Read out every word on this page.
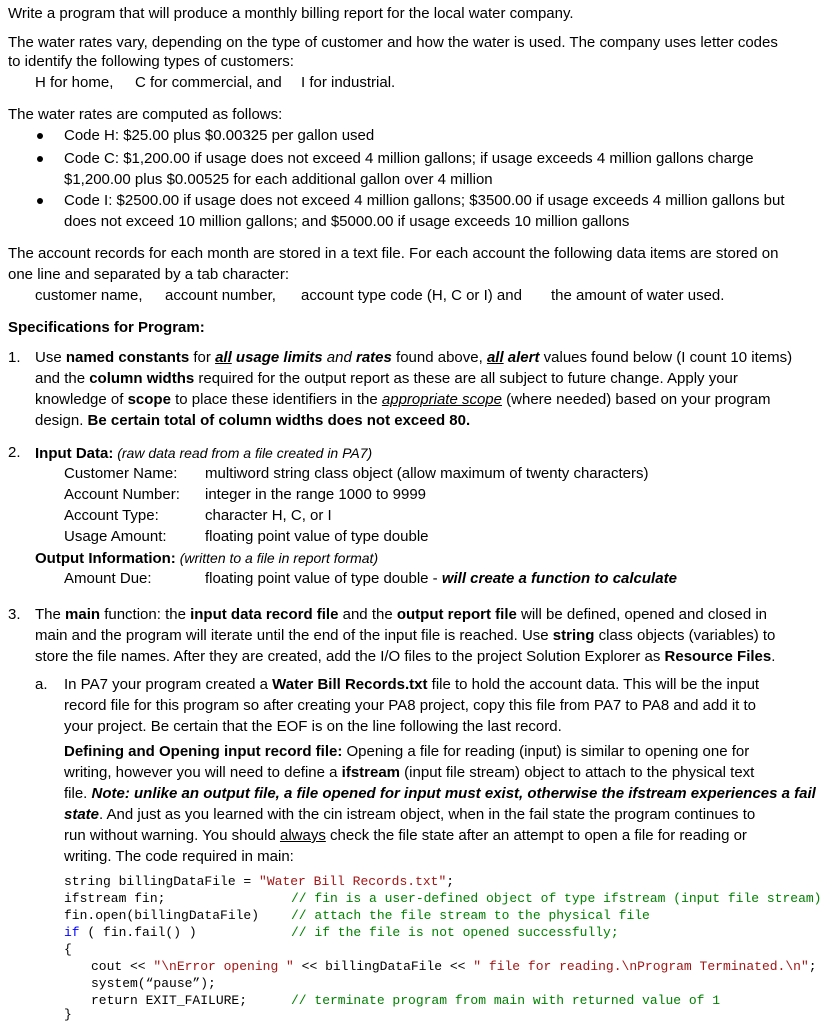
Write a program that will produce a monthly billing report for the local water company.
The water rates vary, depending on the type of customer and how the water is used. The company uses letter codes
to identify the following types of customers:
H for home, C for commercial, and I for industrial.
The water rates are computed as follows:
Code H: $25.00 plus $0.00325 per gallon used
Code C: $1,200.00 if usage does not exceed 4 million gallons; if usage exceeds 4 million gallons charge
$1,200.00 plus $0.00525 for each additional gallon over 4 million
Code I: $2500.00 if usage does not exceed 4 million gallons; $3500.00 if usage exceeds 4 million gallons but
does not exceed 10 million gallons; and $5000.00 if usage exceeds 10 million gallons
The account records for each month are stored in a text file. For each account the following data items are stored on
one line and separated by a tab character:
customer name, account number, account type code (H, C or I) and the amount of water used.
Specifications for Program:
1. Use named constants for all usage limits and rates found above, all alert values found below (I count 10 items)
and the column widths required for the output report as these are all subject to future change. Apply your
knowledge of scope to place these identifiers in the appropriate scope (where needed) based on your program
design. Be certain total of column widths does not exceed 80.
2. Input Data: (raw data read from a file created in PA7)
Customer Name: multiword string class object (allow maximum of twenty characters)
Account Number: integer in the range 1000 to 9999
Account Type:	character H, C, or I
Usage Amount:	floating point value of type double
Output Information: (written to a file in report format)
Amount Due:	floating point value of type double - will create a function to calculate
3. The main function: the input data record file and the output report file will be defined, opened and closed in
main and the program will iterate until the end of the input file is reached. Use string class objects (variables) to
store the file names. After they are created, add the I/O files to the project Solution Explorer as Resource Files.
a. In PA7 your program created a Water Bill Records.txt file to hold the account data. This will be the input
record file for this program so after creating your PA8 project, copy this file from PA7 to PA8 and add it to
your project. Be certain that the EOF is on the line following the last record.
Defining and Opening input record file: Opening a file for reading (input) is similar to opening one for
writing, however you will need to define a ifstream (input file stream) object to attach to the physical text
file. Note: unlike an output file, a file opened for input must exist, otherwise the ifstream experiences a fail
state. And just as you learned with the cin istream object, when in the fail state the program continues to
run without warning. You should always check the file state after an attempt to open a file for reading or
writing. The code required in main:
string billingDataFile = "Water Bill Records.txt";
ifstream fin;	// fin is a user-defined object of type ifstream (input file stream)
fin.open(billingDataFile) // attach the file stream to the physical file
if ( fin.fail() )	// if the file is not opened successfully;
{
cout << "\nError opening " << billingDataFile << " file for reading.\nProgram Terminated.\n";
system(“pause”);
return EXIT_FAILURE;	// terminate program from main with returned value of 1
}
